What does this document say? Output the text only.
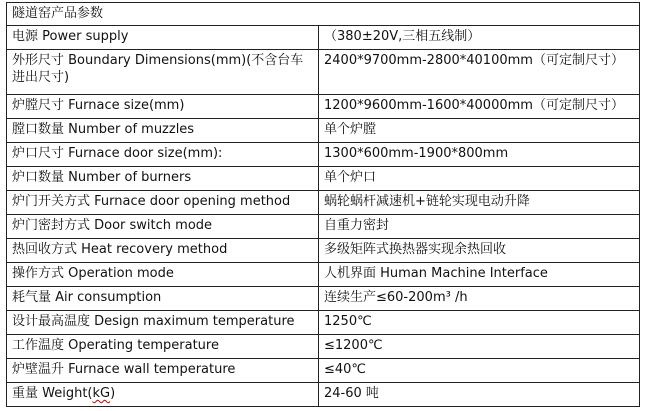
隧道窑产品参数	
电源 Power supply	（380±20V,三相五线制）
外形尺寸 Boundary Dimensions(mm)(不含台车进出尺寸)	2400*9700mm-2800*40100mm（可定制尺寸）
炉膛尺寸 Furnace size(mm)	1200*9600mm-1600*40000mm（可定制尺寸）
膛口数量 Number of muzzles	单个炉膛
炉口尺寸 Furnace door size(mm):	1300*600mm-1900*800mm
炉口数量 Number of burners	单个炉口
炉门开关方式 Furnace door opening method	蜗轮蜗杆减速机+链轮实现电动升降
炉门密封方式 Door switch mode	自重力密封
热回收方式 Heat recovery method	多级矩阵式换热器实现余热回收
操作方式 Operation mode	人机界面 Human Machine Interface
耗气量 Air consumption	连续生产≤60-200m³ /h
设计最高温度 Design maximum temperature	1250℃
工作温度 Operating temperature	≤1200℃
炉壁温升 Furnace wall temperature	≤40℃
重量 Weight(kG)	24-60 吨
